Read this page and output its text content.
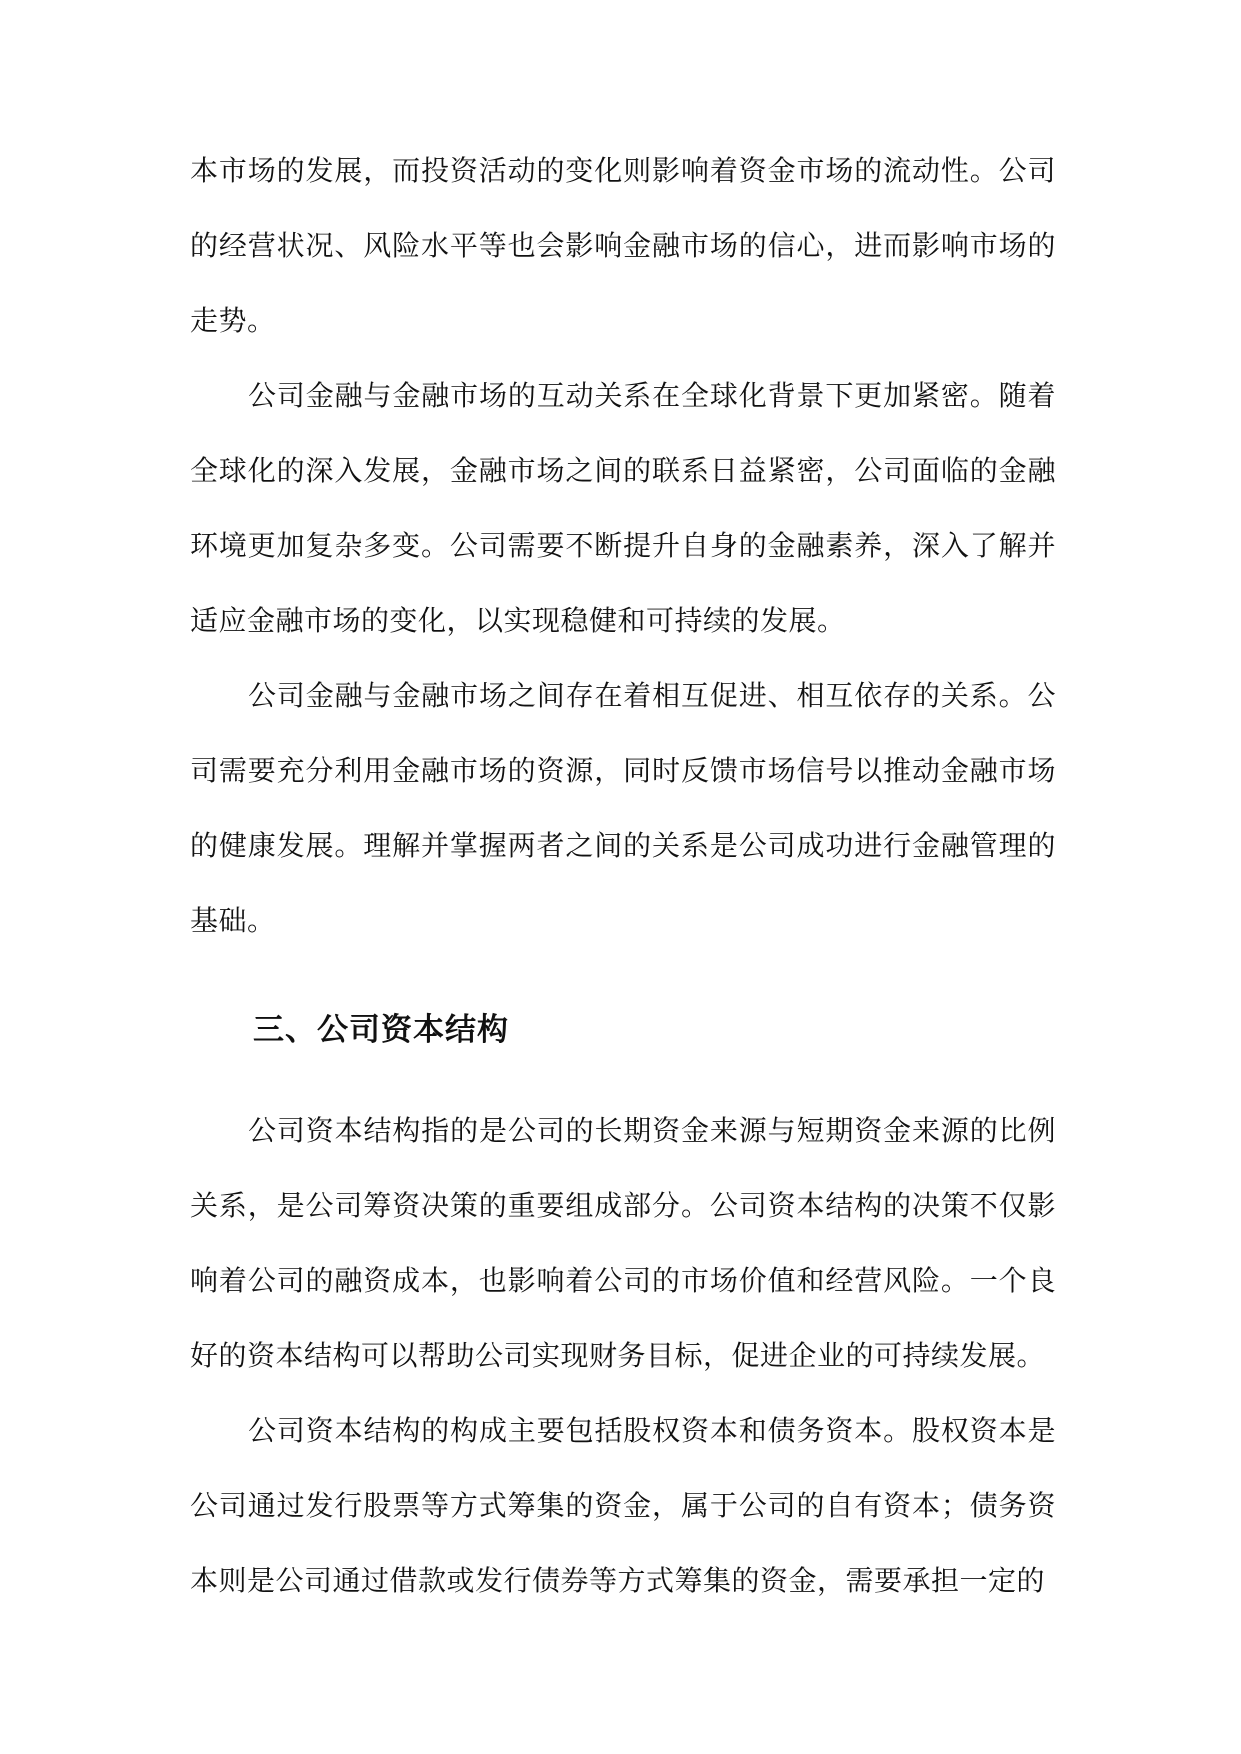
本市场的发展，而投资活动的变化则影响着资金市场的流动性。公司的经营状况、风险水平等也会影响金融市场的信心，进而影响市场的走势。

公司金融与金融市场的互动关系在全球化背景下更加紧密。随着全球化的深入发展，金融市场之间的联系日益紧密，公司面临的金融环境更加复杂多变。公司需要不断提升自身的金融素养，深入了解并适应金融市场的变化，以实现稳健和可持续的发展。

公司金融与金融市场之间存在着相互促进、相互依存的关系。公司需要充分利用金融市场的资源，同时反馈市场信号以推动金融市场的健康发展。理解并掌握两者之间的关系是公司成功进行金融管理的基础。

三、公司资本结构

公司资本结构指的是公司的长期资金来源与短期资金来源的比例关系，是公司筹资决策的重要组成部分。公司资本结构的决策不仅影响着公司的融资成本，也影响着公司的市场价值和经营风险。一个良好的资本结构可以帮助公司实现财务目标，促进企业的可持续发展。

公司资本结构的构成主要包括股权资本和债务资本。股权资本是公司通过发行股票等方式筹集的资金，属于公司的自有资本；债务资本则是公司通过借款或发行债券等方式筹集的资金，需要承担一定的
